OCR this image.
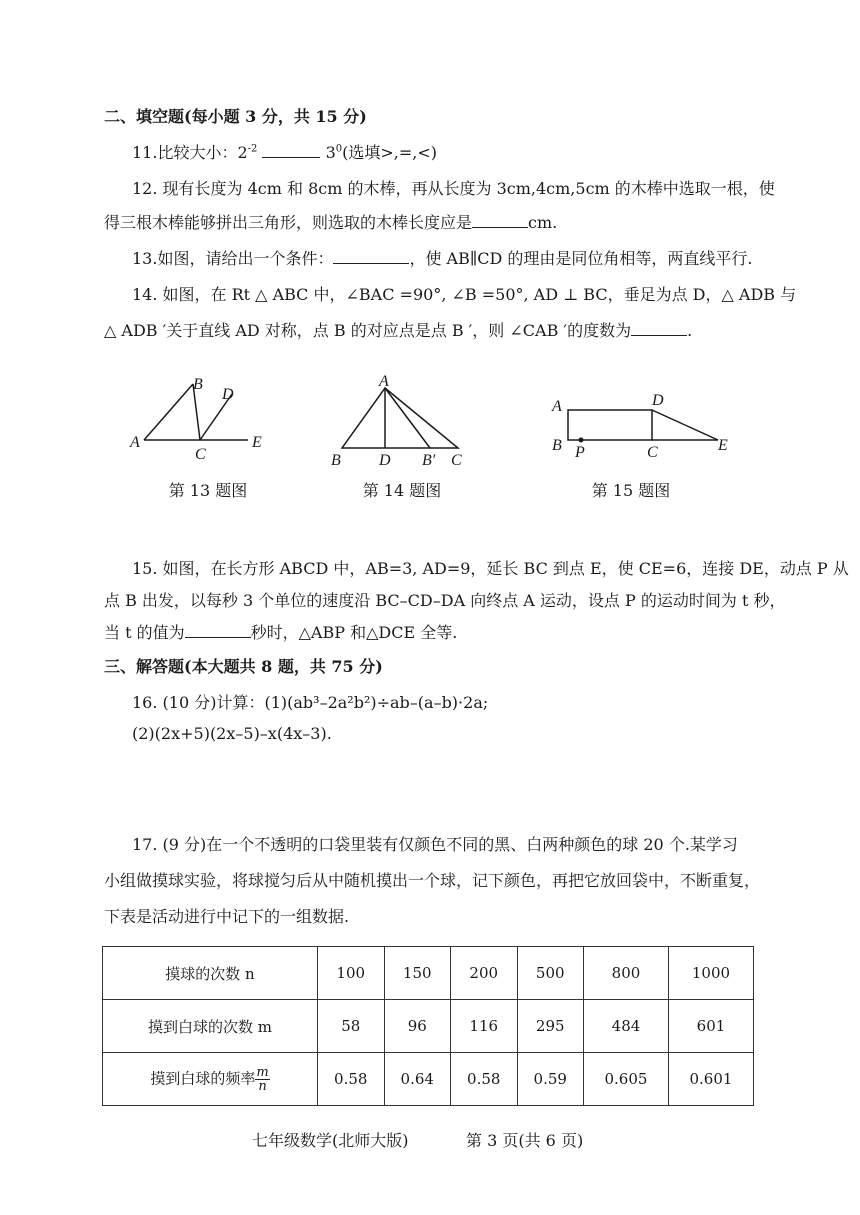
二、填空题(每小题 3 分，共 15 分)
11.比较大小：$2^{-2}$	$3^0$(选填>,=,<)
12. 现有长度为 4cm 和 8cm 的木棒，再从长度为 3cm,4cm,5cm 的木棒中选取一根，使
得三根木棒能够拼出三角形，则选取的木棒长度应是	cm.
13.如图，请给出一个条件：	，使 AB∥CD 的理由是同位角相等，两直线平行.
14. 如图，在 Rt △ ABC 中，∠BAC =90°, ∠B =50°, AD ⊥ BC，垂足为点 D，△ ADB 与
△ ADB ′关于直线 AD 对称，点 B 的对应点是点 B ′，则 ∠CAB ′的度数为	.
A
B
C
D
E
A
B D B′ C
A	D
B P	C	E
第 13 题图	第 14 题图	第 15 题图
15. 如图，在长方形 ABCD 中，AB=3, AD=9，延长 BC 到点 E，使 CE=6，连接 DE，动点 P 从
点 B 出发，以每秒 3 个单位的速度沿 BC–CD–DA 向终点 A 运动，设点 P 的运动时间为 t 秒，
当 t 的值为	秒时，△ABP 和△DCE 全等.
三、解答题(本大题共 8 题，共 75 分)
16. (10 分)计算：(1)(ab³–2a²b²)÷ab–(a–b)·2a;
(2)(2x+5)(2x–5)–x(4x–3).
17. (9 分)在一个不透明的口袋里装有仅颜色不同的黑、白两种颜色的球 20 个.某学习
小组做摸球实验，将球搅匀后从中随机摸出一个球，记下颜色，再把它放回袋中，不断重复，
下表是活动进行中记下的一组数据.
摸球的次数 n	100	150	200	500	800	1000
摸到白球的次数 m	58	96	116	295	484	601
摸到白球的频率 $\frac{m}{n}$	0.58	0.64	0.58	0.59	0.605	0.601
七年级数学(北师大版)	第 3 页(共 6 页)
